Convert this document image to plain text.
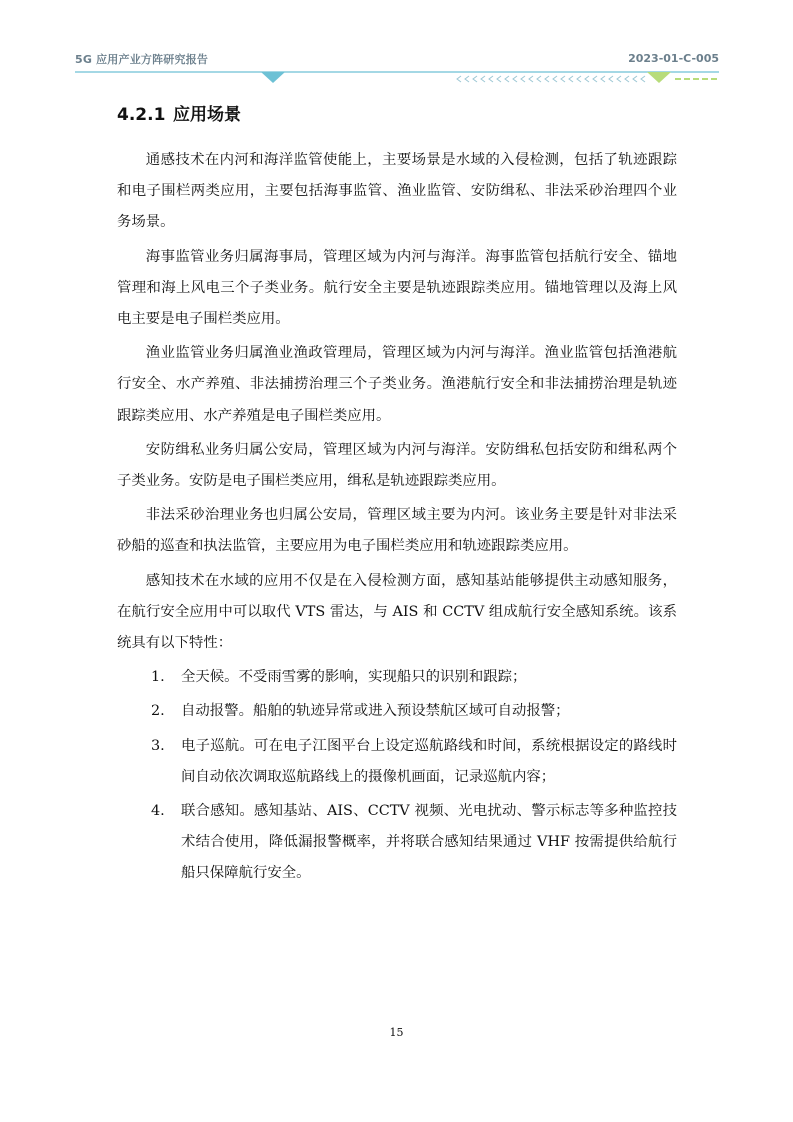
5G 应用产业方阵研究报告	2023-01-C-005
4.2.1 应用场景

通感技术在内河和海洋监管使能上，主要场景是水域的入侵检测，包括了轨迹跟踪和电子围栏两类应用，主要包括海事监管、渔业监管、安防缉私、非法采砂治理四个业务场景。

海事监管业务归属海事局，管理区域为内河与海洋。海事监管包括航行安全、锚地管理和海上风电三个子类业务。航行安全主要是轨迹跟踪类应用。锚地管理以及海上风电主要是电子围栏类应用。

渔业监管业务归属渔业渔政管理局，管理区域为内河与海洋。渔业监管包括渔港航行安全、水产养殖、非法捕捞治理三个子类业务。渔港航行安全和非法捕捞治理是轨迹跟踪类应用、水产养殖是电子围栏类应用。

安防缉私业务归属公安局，管理区域为内河与海洋。安防缉私包括安防和缉私两个子类业务。安防是电子围栏类应用，缉私是轨迹跟踪类应用。

非法采砂治理业务也归属公安局，管理区域主要为内河。该业务主要是针对非法采砂船的巡查和执法监管，主要应用为电子围栏类应用和轨迹跟踪类应用。

感知技术在水域的应用不仅是在入侵检测方面，感知基站能够提供主动感知服务，在航行安全应用中可以取代 VTS 雷达，与 AIS 和 CCTV 组成航行安全感知系统。该系统具有以下特性：

1. 全天候。不受雨雪雾的影响，实现船只的识别和跟踪；
2. 自动报警。船舶的轨迹异常或进入预设禁航区域可自动报警；
3. 电子巡航。可在电子江图平台上设定巡航路线和时间，系统根据设定的路线时间自动依次调取巡航路线上的摄像机画面，记录巡航内容；
4. 联合感知。感知基站、AIS、CCTV 视频、光电扰动、警示标志等多种监控技术结合使用，降低漏报警概率，并将联合感知结果通过 VHF 按需提供给航行船只保障航行安全。
15
